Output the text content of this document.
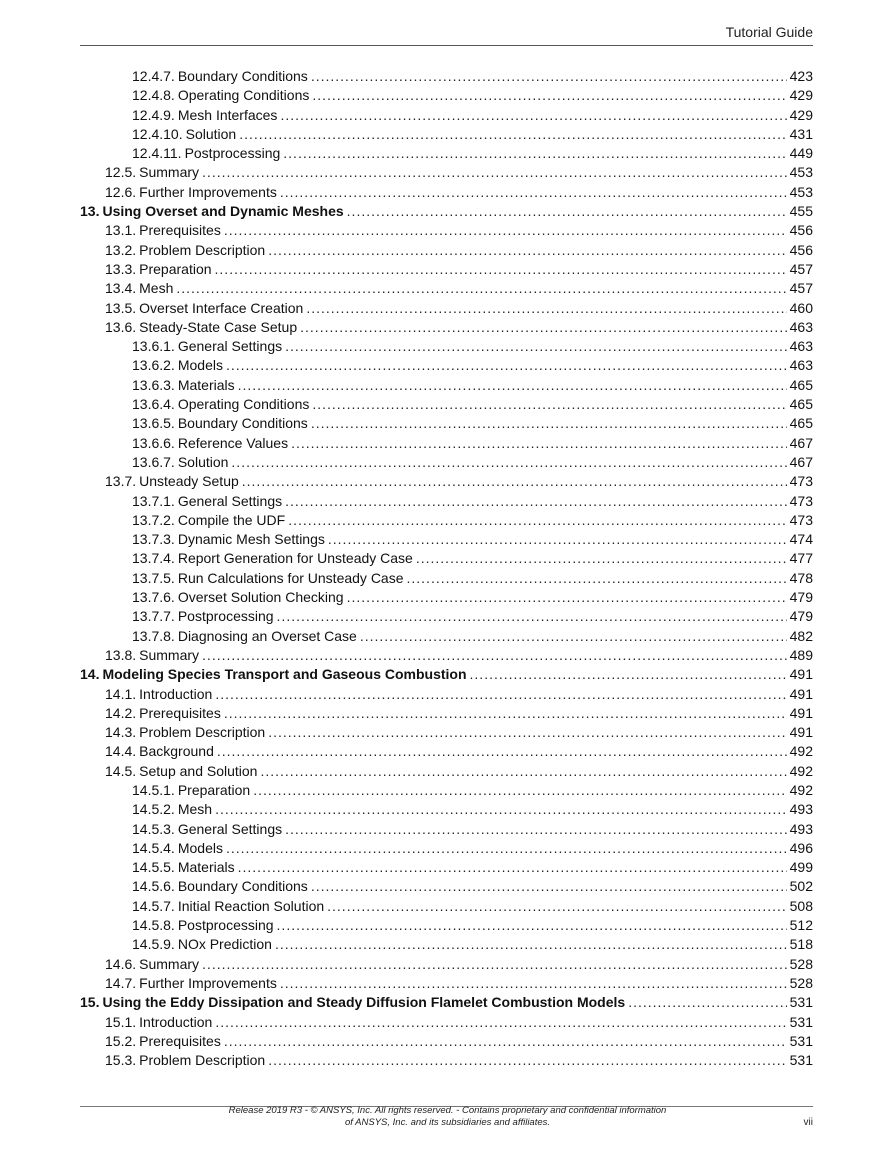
Tutorial Guide
12.4.7. Boundary Conditions .....	423
12.4.8. Operating Conditions .....	429
12.4.9. Mesh Interfaces .....	429
12.4.10. Solution .....	431
12.4.11. Postprocessing .....	449
12.5. Summary .....	453
12.6. Further Improvements .....	453
13. Using Overset and Dynamic Meshes .....	455
13.1. Prerequisites .....	456
13.2. Problem Description .....	456
13.3. Preparation .....	457
13.4. Mesh .....	457
13.5. Overset Interface Creation .....	460
13.6. Steady-State Case Setup .....	463
13.6.1. General Settings .....	463
13.6.2. Models .....	463
13.6.3. Materials .....	465
13.6.4. Operating Conditions .....	465
13.6.5. Boundary Conditions .....	465
13.6.6. Reference Values .....	467
13.6.7. Solution .....	467
13.7. Unsteady Setup .....	473
13.7.1. General Settings .....	473
13.7.2. Compile the UDF .....	473
13.7.3. Dynamic Mesh Settings .....	474
13.7.4. Report Generation for Unsteady Case .....	477
13.7.5. Run Calculations for Unsteady Case .....	478
13.7.6. Overset Solution Checking .....	479
13.7.7. Postprocessing .....	479
13.7.8. Diagnosing an Overset Case .....	482
13.8. Summary .....	489
14. Modeling Species Transport and Gaseous Combustion .....	491
14.1. Introduction .....	491
14.2. Prerequisites .....	491
14.3. Problem Description .....	491
14.4. Background .....	492
14.5. Setup and Solution .....	492
14.5.1. Preparation .....	492
14.5.2. Mesh .....	493
14.5.3. General Settings .....	493
14.5.4. Models .....	496
14.5.5. Materials .....	499
14.5.6. Boundary Conditions .....	502
14.5.7. Initial Reaction Solution .....	508
14.5.8. Postprocessing .....	512
14.5.9. NOx Prediction .....	518
14.6. Summary .....	528
14.7. Further Improvements .....	528
15. Using the Eddy Dissipation and Steady Diffusion Flamelet Combustion Models .....	531
15.1. Introduction .....	531
15.2. Prerequisites .....	531
15.3. Problem Description .....	531
Release 2019 R3 - © ANSYS, Inc. All rights reserved. - Contains proprietary and confidential information
of ANSYS, Inc. and its subsidiaries and affiliates.	vii
